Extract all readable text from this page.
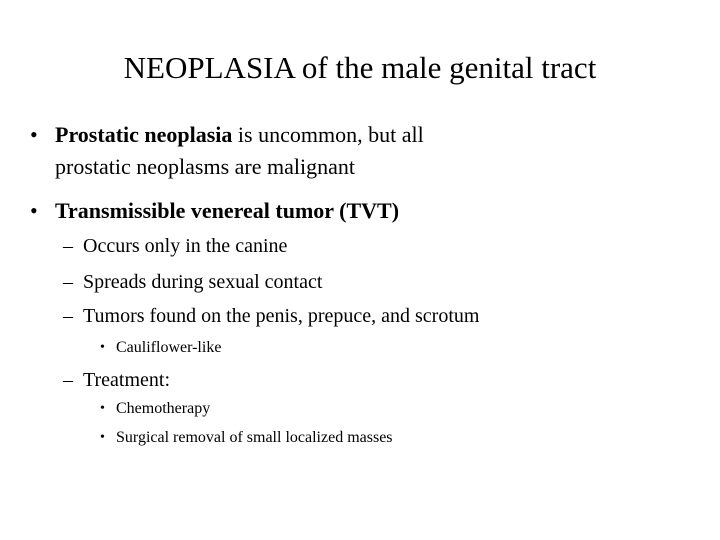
NEOPLASIA of the male genital tract
• Prostatic neoplasia is uncommon, but all
prostatic neoplasms are malignant
• Transmissible venereal tumor (TVT)
– Occurs only in the canine
– Spreads during sexual contact
– Tumors found on the penis, prepuce, and scrotum
• Cauliflower-like
– Treatment:
• Chemotherapy
• Surgical removal of small localized masses
